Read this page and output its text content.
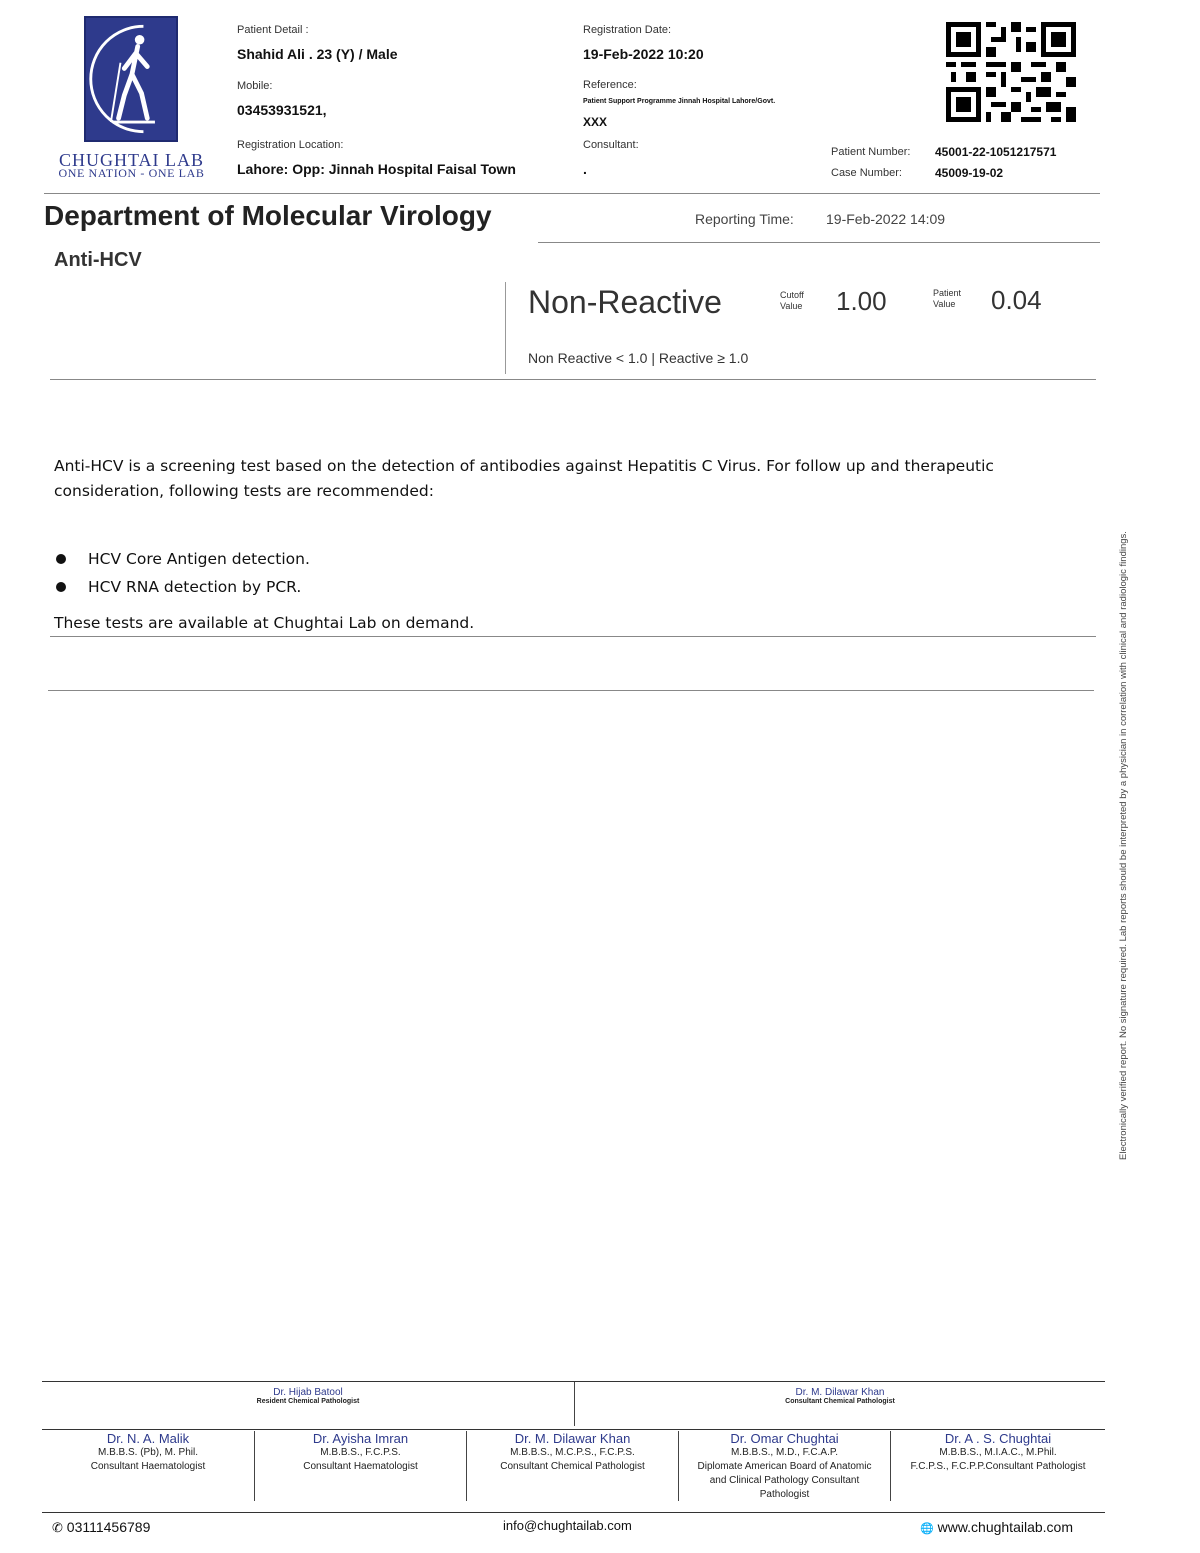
CHUGHTAI LAB
ONE NATION - ONE LAB
Patient Detail :
Shahid Ali . 23 (Y) / Male
Mobile:
03453931521,
Registration Location:
Lahore: Opp: Jinnah Hospital Faisal Town
Registration Date:
19-Feb-2022 10:20
Reference:
Patient Support Programme Jinnah Hospital Lahore/Govt.
XXX
Consultant:
.
Patient Number: 45001-22-1051217571
Case Number:	45009-19-02
Department of Molecular Virology	Reporting Time: 19-Feb-2022 14:09
Anti-HCV
Non-Reactive	Cutoff
Value 1.00	Patient
Value 0.04
Non Reactive < 1.0 | Reactive ≥ 1.0
Anti-HCV is a screening test based on the detection of antibodies against Hepatitis C Virus. For follow up and therapeutic consideration, following tests are recommended:
HCV Core Antigen detection.
HCV RNA detection by PCR.
These tests are available at Chughtai Lab on demand.	Electronically verified report. No signature required. Lab reports should be interpreted by a physician in correlation with clinical and radiologic findings.
Dr. Hijab Batool
Resident Chemical Pathologist
Dr. M. Dilawar Khan
Consultant Chemical Pathologist
Dr. N. A. Malik
M.B.B.S. (Pb), M. Phil.
Consultant Haematologist
Dr. Ayisha Imran
M.B.B.S., F.C.P.S.
Consultant Haematologist
Dr. M. Dilawar Khan
M.B.B.S., M.C.P.S., F.C.P.S.
Consultant Chemical Pathologist
Dr. Omar Chughtai
M.B.B.S., M.D., F.C.A.P.
Diplomate American Board of Anatomic
and Clinical Pathology Consultant
Pathologist
Dr. A . S. Chughtai
M.B.B.S., M.I.A.C., M.Phil.
F.C.P.S., F.C.P.P.Consultant Pathologist
✆ 03111456789	info@chughtailab.com	🌐 www.chughtailab.com
